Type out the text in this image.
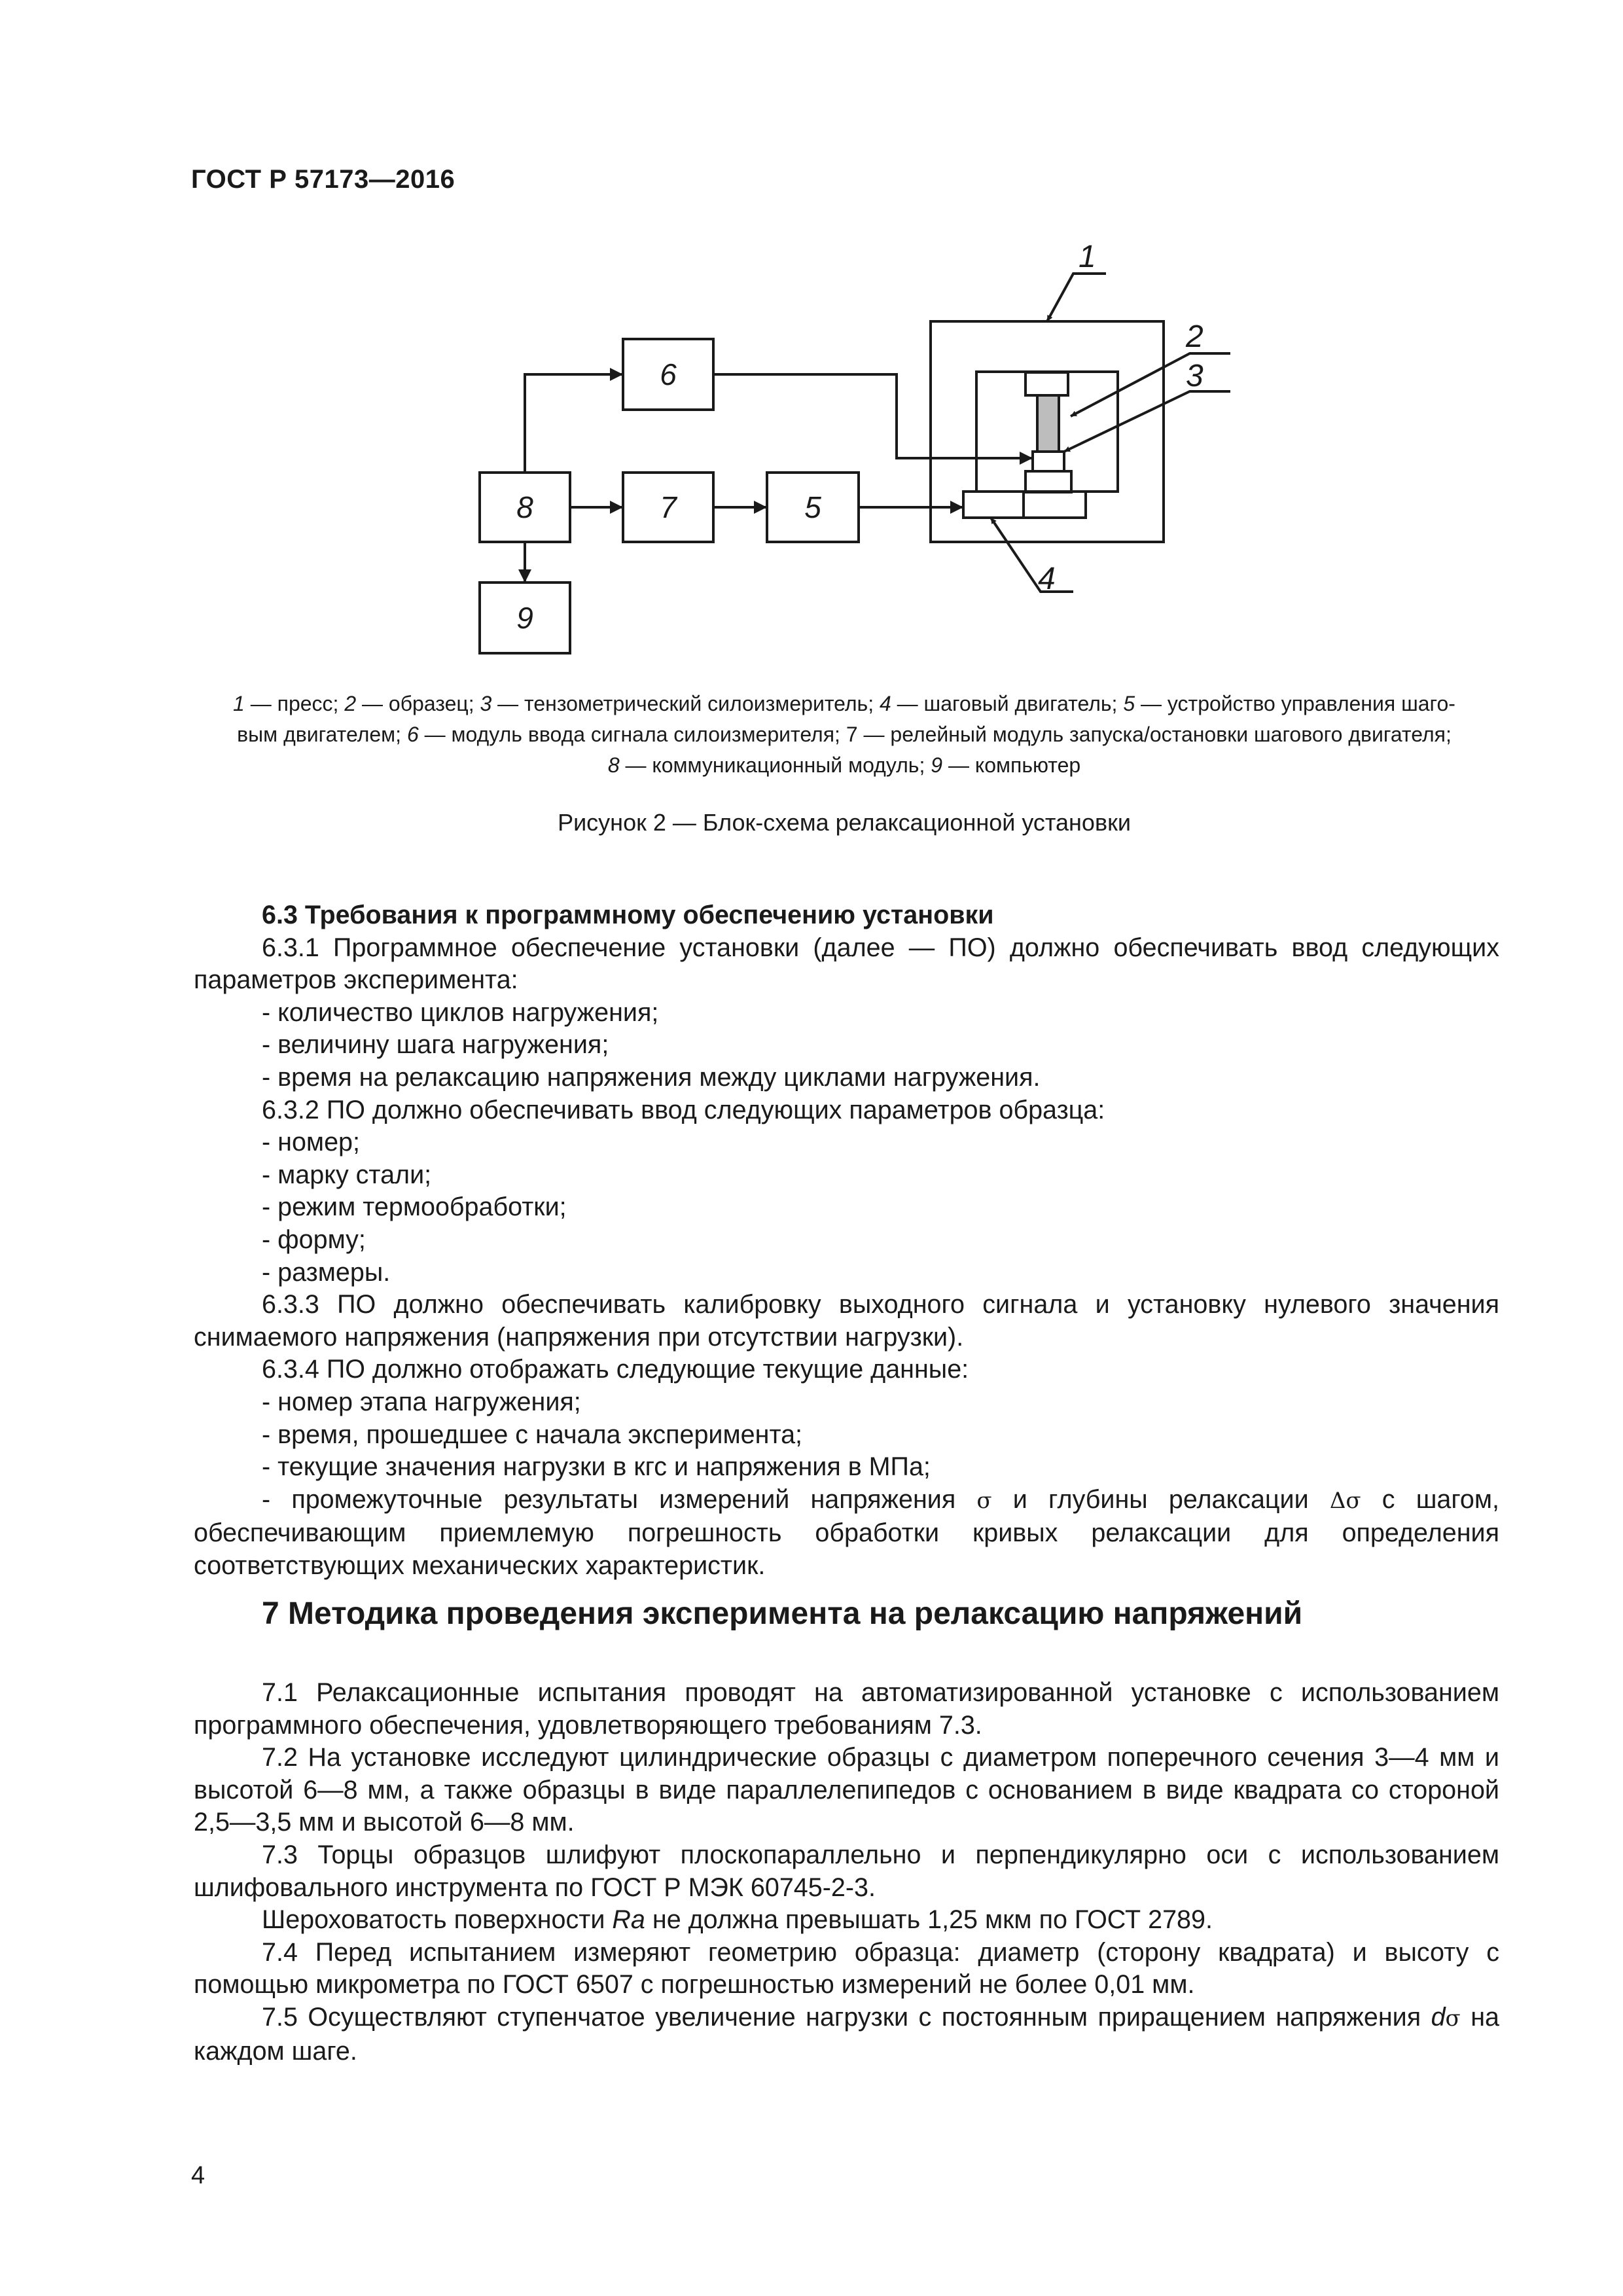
ГОСТ Р 57173—2016
6
8	7	5
9
1
2
3
4
1 — пресс; 2 — образец; 3 — тензометрический силоизмеритель; 4 — шаговый двигатель; 5 — устройство управления шаго-
вым двигателем; 6 — модуль ввода сигнала силоизмерителя; 7 — релейный модуль запуска/остановки шагового двигателя;
8 — коммуникационный модуль; 9 — компьютер
Рисунок 2 — Блок-схема релаксационной установки

6.3 Требования к программному обеспечению установки

6.3.1 Программное обеспечение установки (далее — ПО) должно обеспечивать ввод следующих параметров эксперимента:

- количество циклов нагружения;

- величину шага нагружения;

- время на релаксацию напряжения между циклами нагружения.

6.3.2 ПО должно обеспечивать ввод следующих параметров образца:

- номер;

- марку стали;

- режим термообработки;

- форму;

- размеры.

6.3.3 ПО должно обеспечивать калибровку выходного сигнала и установку нулевого значения снимаемого напряжения (напряжения при отсутствии нагрузки).

6.3.4 ПО должно отображать следующие текущие данные:

- номер этапа нагружения;

- время, прошедшее с начала эксперимента;

- текущие значения нагрузки в кгс и напряжения в МПа;

- промежуточные результаты измерений напряжения σ и глубины релаксации Δσ с шагом, обеспечивающим приемлемую погрешность обработки кривых релаксации для определения соответствующих механических характеристик.

7 Методика проведения эксперимента на релаксацию напряжений

7.1 Релаксационные испытания проводят на автоматизированной установке с использованием программного обеспечения, удовлетворяющего требованиям 7.3.

7.2 На установке исследуют цилиндрические образцы с диаметром поперечного сечения 3—4 мм и высотой 6—8 мм, а также образцы в виде параллелепипедов с основанием в виде квадрата со стороной 2,5—3,5 мм и высотой 6—8 мм.

7.3 Торцы образцов шлифуют плоскопараллельно и перпендикулярно оси с использованием шлифовального инструмента по ГОСТ Р МЭК 60745-2-3.

Шероховатость поверхности Ra не должна превышать 1,25 мкм по ГОСТ 2789.

7.4 Перед испытанием измеряют геометрию образца: диаметр (сторону квадрата) и высоту с помощью микрометра по ГОСТ 6507 с погрешностью измерений не более 0,01 мм.

7.5 Осуществляют ступенчатое увеличение нагрузки с постоянным приращением напряжения dσ на каждом шаге.

4
